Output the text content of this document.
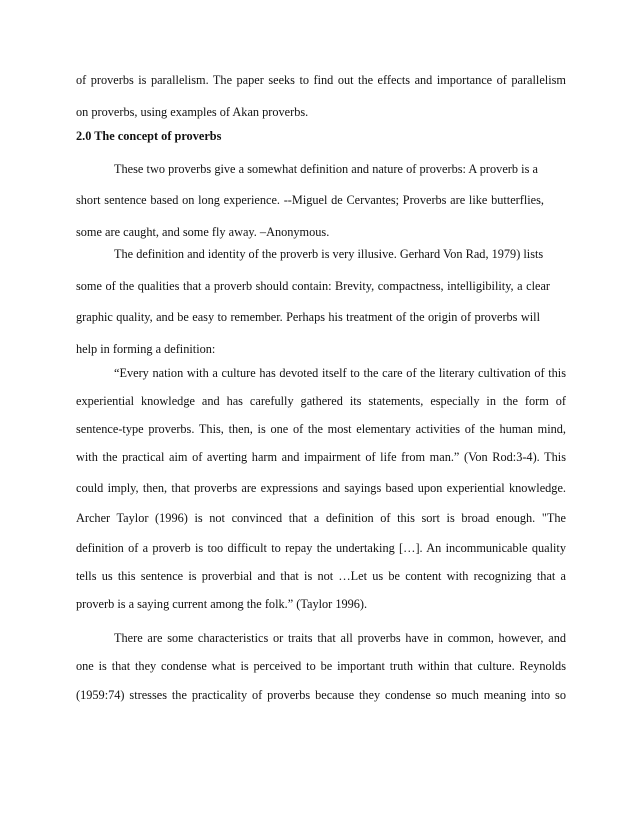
of proverbs is parallelism. The paper seeks to find out the effects and importance of parallelism
on proverbs, using examples of Akan proverbs.
2.0 The concept of proverbs
These two proverbs give a somewhat definition and nature of proverbs: A proverb is a
short sentence based on long experience. --Miguel de Cervantes; Proverbs are like butterflies,
some are caught, and some fly away. –Anonymous.
The definition and identity of the proverb is very illusive. Gerhard Von Rad, 1979) lists
some of the qualities that a proverb should contain: Brevity, compactness, intelligibility, a clear
graphic quality, and be easy to remember. Perhaps his treatment of the origin of proverbs will
help in forming a definition:
“Every nation with a culture has devoted itself to the care of the literary cultivation of this
experiential knowledge and has carefully gathered its statements, especially in the form of
sentence-type proverbs. This, then, is one of the most elementary activities of the human mind,
with the practical aim of averting harm and impairment of life from man.” (Von Rod:3-4). This
could imply, then, that proverbs are expressions and sayings based upon experiential knowledge.
Archer Taylor (1996) is not convinced that a definition of this sort is broad enough. "The
definition of a proverb is too difficult to repay the undertaking […]. An incommunicable quality
tells us this sentence is proverbial and that is not …Let us be content with recognizing that a
proverb is a saying current among the folk.” (Taylor 1996).
There are some characteristics or traits that all proverbs have in common, however, and
one is that they condense what is perceived to be important truth within that culture. Reynolds
(1959:74) stresses the practicality of proverbs because they condense so much meaning into so
